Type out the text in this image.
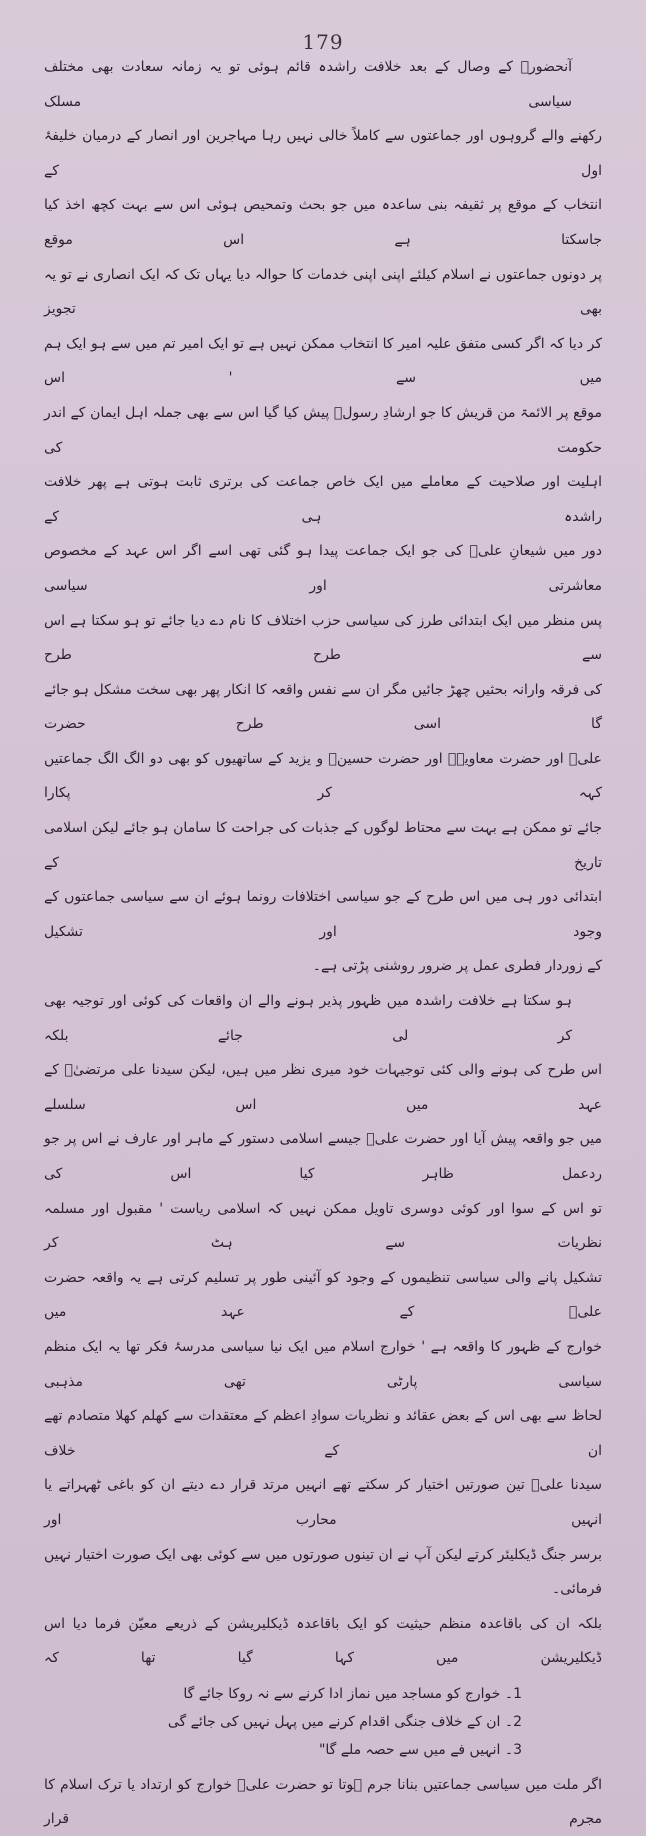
179
آنحضورؐ کے وصال کے بعد خلافت راشدہ قائم ہوئی تو یہ زمانہ سعادت بھی مختلف سیاسی مسلک
رکھنے والے گروہوں اور جماعتوں سے کاملاً خالی نہیں رہا مہاجرین اور انصار کے درمیان خلیفۂ اول کے
انتخاب کے موقع پر ثقیفہ بنی ساعدہ میں جو بحث وتمحیص ہوئی اس سے بہت کچھ اخذ کیا جاسکتا ہے اس موقع
پر دونوں جماعتوں نے اسلام کیلئے اپنی اپنی خدمات کا حوالہ دیا یہاں تک کہ ایک انصاری نے تو یہ بھی تجویز
کر دیا کہ اگر کسی متفق علیہ امیر کا انتخاب ممکن نہیں ہے تو ایک امیر تم میں سے ہو ایک ہم میں سے ' اس
موقع پر الائمۃ من قریش کا جو ارشادِ رسولؐ پیش کیا گیا اس سے بھی جملہ اہل ایمان کے اندر حکومت کی
اہلیت اور صلاحیت کے معاملے میں ایک خاص جماعت کی برتری ثابت ہوتی ہے پھر خلافت راشدہ ہی کے
دور میں شیعانِ علیؓ کی جو ایک جماعت پیدا ہو گئی تھی اسے اگر اس عہد کے مخصوص معاشرتی اور سیاسی
پس منظر میں ایک ابتدائی طرز کی سیاسی حزب اختلاف کا نام دے دیا جائے تو ہو سکتا ہے اس سے طرح طرح
کی فرقہ وارانہ بحثیں چھڑ جائیں مگر ان سے نفس واقعہ کا انکار پھر بھی سخت مشکل ہو جائے گا اسی طرح حضرت
علیؓ اور حضرت معاویہؓ اور حضرت حسینؓ و یزید کے ساتھیوں کو بھی دو الگ الگ جماعتیں کہہ کر پکارا
جائے تو ممکن ہے بہت سے محتاط لوگوں کے جذبات کی جراحت کا سامان ہو جائے لیکن اسلامی تاریخ کے
ابتدائی دور ہی میں اس طرح کے جو سیاسی اختلافات رونما ہوئے ان سے سیاسی جماعتوں کے وجود اور تشکیل
کے زوردار فطری عمل پر ضرور روشنی پڑتی ہے۔
ہو سکتا ہے خلافت راشدہ میں ظہور پذیر ہونے والے ان واقعات کی کوئی اور توجیہ بھی کر لی جائے بلکہ
اس طرح کی ہونے والی کئی توجیہات خود میری نظر میں ہیں، لیکن سیدنا علی مرتضیٰؓ کے عہد میں اس سلسلے
میں جو واقعہ پیش آیا اور حضرت علیؓ جیسے اسلامی دستور کے ماہر اور عارف نے اس پر جو ردعمل ظاہر کیا اس کی
تو اس کے سوا اور کوئی دوسری تاویل ممکن نہیں کہ اسلامی ریاست ' مقبول اور مسلمہ نظریات سے ہٹ کر
تشکیل پانے والی سیاسی تنظیموں کے وجود کو آئینی طور پر تسلیم کرتی ہے یہ واقعہ حضرت علیؓ کے عہد میں
خوارج کے ظہور کا واقعہ ہے ' خوارج اسلام میں ایک نیا سیاسی مدرسۂ فکر تھا یہ ایک منظم سیاسی پارٹی تھی مذہبی
لحاظ سے بھی اس کے بعض عقائد و نظریات سوادِ اعظم کے معتقدات سے کھلم کھلا متصادم تھے ان کے خلاف
سیدنا علیؓ تین صورتیں اختیار کر سکتے تھے انہیں مرتد قرار دے دیتے ان کو باغی ٹھہراتے یا انہیں محارب اور
برسر جنگ ڈیکلیئر کرتے لیکن آپ نے ان تینوں صورتوں میں سے کوئی بھی ایک صورت اختیار نہیں فرمائی۔
بلکہ ان کی باقاعدہ منظم حیثیت کو ایک باقاعدہ ڈیکلیریشن کے ذریعے معیّن فرما دیا اس ڈیکلیریشن میں کہا گیا تھا کہ
1۔ خوارج کو مساجد میں نماز ادا کرنے سے نہ روکا جائے گا
2۔ ان کے خلاف جنگی اقدام کرنے میں پہل نہیں کی جائے گی
3۔ انہیں فے میں سے حصہ ملے گا"
اگر ملت میں سیاسی جماعتیں بنانا جرم ہوتا تو حضرت علیؓ خوارج کو ارتداد یا ترک اسلام کا مجرم قرار
